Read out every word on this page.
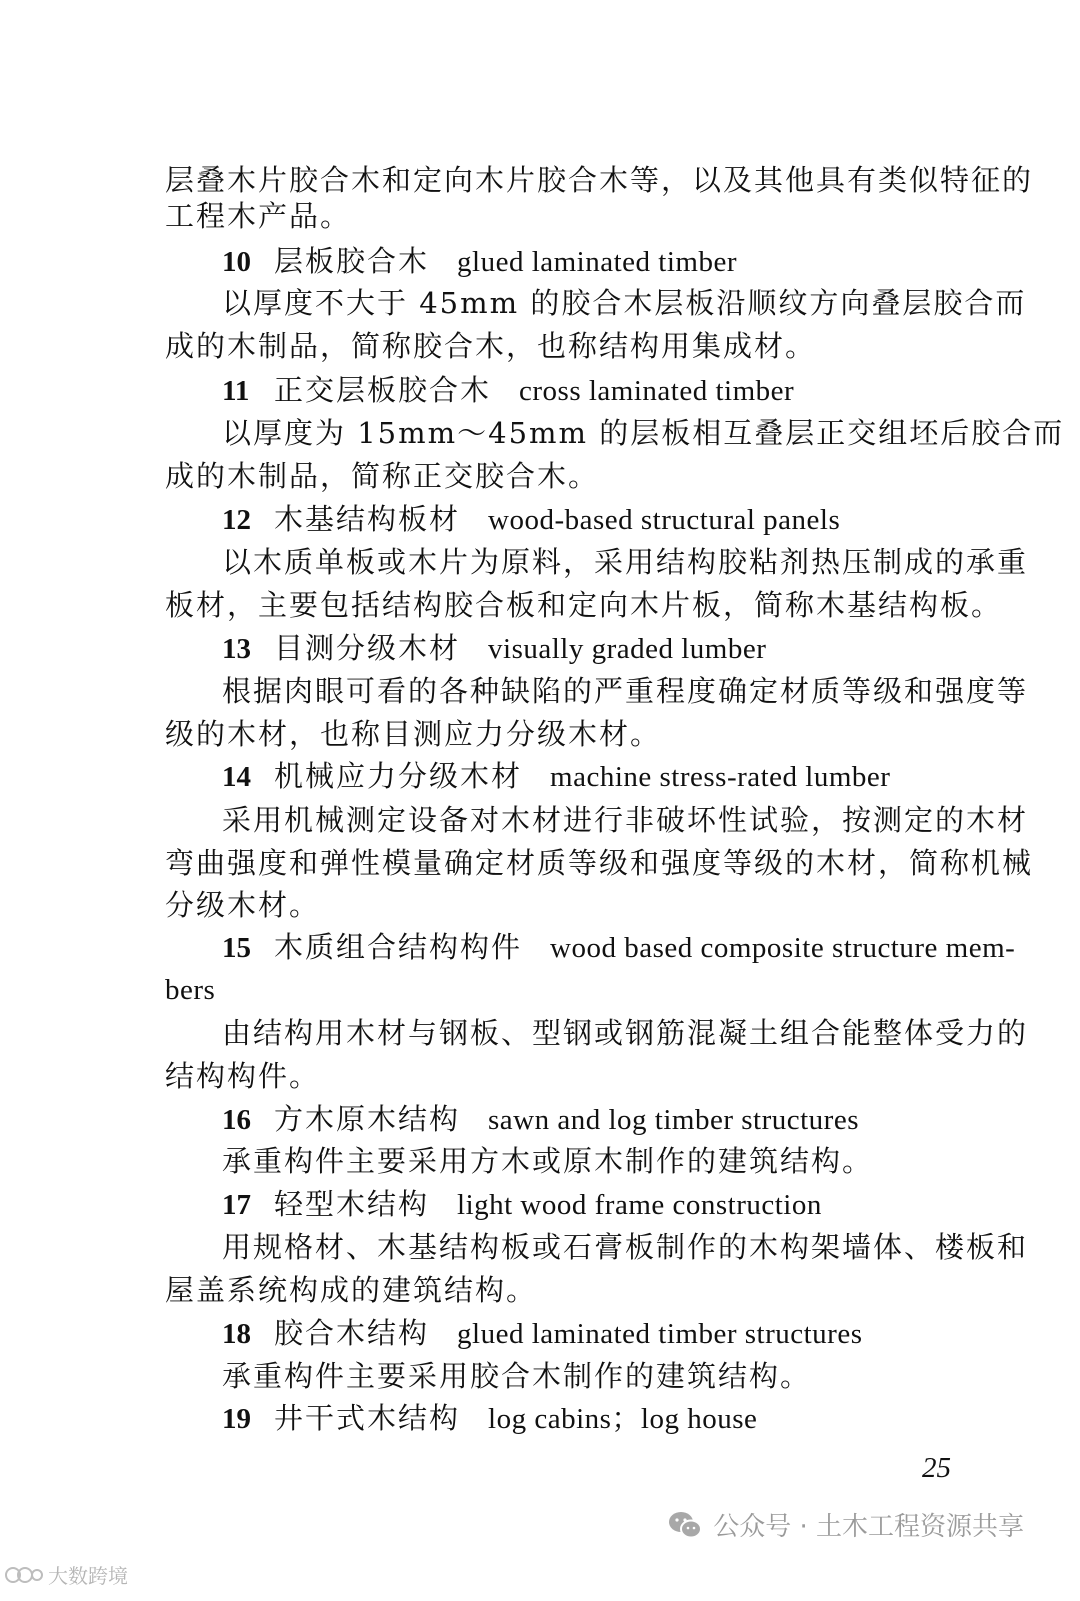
层叠木片胶合木和定向木片胶合木等，以及其他具有类似特征的
工程木产品。
10 层板胶合木 glued laminated timber
以厚度不大于 45mm 的胶合木层板沿顺纹方向叠层胶合而
成的木制品，简称胶合木，也称结构用集成材。
11 正交层板胶合木 cross laminated timber
以厚度为 15mm～45mm 的层板相互叠层正交组坯后胶合而
成的木制品，简称正交胶合木。
12 木基结构板材 wood-based structural panels
以木质单板或木片为原料，采用结构胶粘剂热压制成的承重
板材，主要包括结构胶合板和定向木片板，简称木基结构板。
13 目测分级木材 visually graded lumber
根据肉眼可看的各种缺陷的严重程度确定材质等级和强度等
级的木材，也称目测应力分级木材。
14 机械应力分级木材 machine stress-rated lumber
采用机械测定设备对木材进行非破坏性试验，按测定的木材
弯曲强度和弹性模量确定材质等级和强度等级的木材，简称机械
分级木材。
15 木质组合结构构件 wood based composite structure mem-
bers
由结构用木材与钢板、型钢或钢筋混凝土组合能整体受力的
结构构件。
16 方木原木结构 sawn and log timber structures
承重构件主要采用方木或原木制作的建筑结构。
17 轻型木结构 light wood frame construction
用规格材、木基结构板或石膏板制作的木构架墙体、楼板和
屋盖系统构成的建筑结构。
18 胶合木结构 glued laminated timber structures
承重构件主要采用胶合木制作的建筑结构。
19 井干式木结构 log cabins；log house
25
公众号 · 土木工程资源共享
大数跨境
